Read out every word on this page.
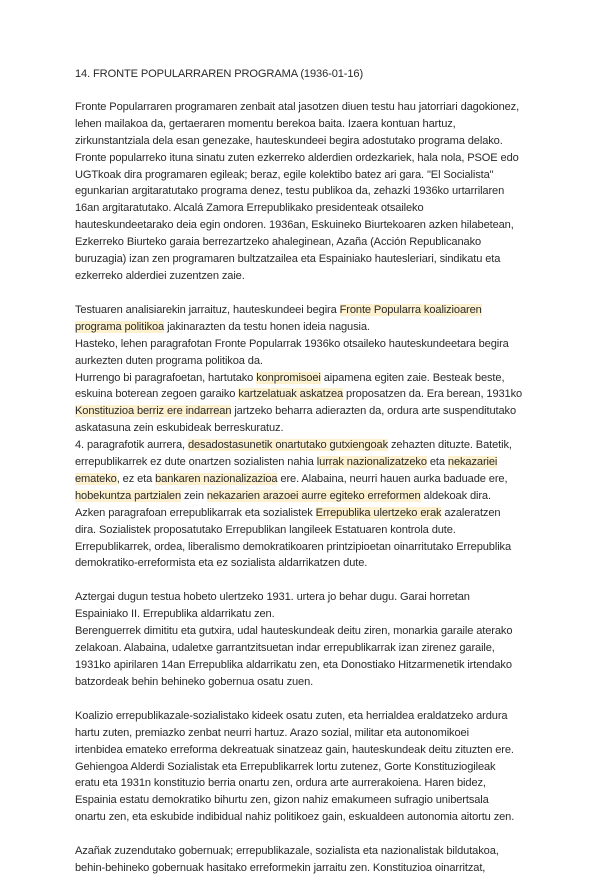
14. FRONTE POPULARRAREN PROGRAMA (1936-01-16)
Fronte Popularraren programaren zenbait atal jasotzen diuen testu hau jatorriari dagokionez,
lehen mailakoa da, gertaeraren momentu berekoa baita. Izaera kontuan hartuz,
zirkunstantziala dela esan genezake, hauteskundeei begira adostutako programa delako.
Fronte popularreko ituna sinatu zuten ezkerreko alderdien ordezkariek, hala nola, PSOE edo
UGTkoak dira programaren egileak; beraz, egile kolektibo batez ari gara. "El Socialista"
egunkarian argitaratutako programa denez, testu publikoa da, zehazki 1936ko urtarrilaren
16an argitaratutako. Alcalá Zamora Errepublikako presidenteak otsaileko
hauteskundeetarako deia egin ondoren. 1936an, Eskuineko Biurtekoaren azken hilabetean,
Ezkerreko Biurteko garaia berrezartzeko ahaleginean, Azaña (Acción Republicanako
buruzagia) izan zen programaren bultzatzailea eta Espainiako hautesleriari, sindikatu eta
ezkerreko alderdiei zuzentzen zaie.
Testuaren analisiarekin jarraituz, hauteskundeei begira Fronte Popularra koalizioaren
programa politikoa jakinarazten da testu honen ideia nagusia.
Hasteko, lehen paragrafotan Fronte Popularrak 1936ko otsaileko hauteskundeetara begira
aurkezten duten programa politikoa da.
Hurrengo bi paragrafoetan, hartutako konpromisoei aipamena egiten zaie. Besteak beste,
eskuina boterean zegoen garaiko kartzelatuak askatzea proposatzen da. Era berean, 1931ko
Konstituzioa berriz ere indarrean jartzeko beharra adierazten da, ordura arte suspenditutako
askatasuna zein eskubideak berreskuratuz.
4. paragrafotik aurrera, desadostasunetik onartutako gutxiengoak zehazten dituzte. Batetik,
errepublikarrek ez dute onartzen sozialisten nahia lurrak nazionalizatzeko eta nekazariei
emateko, ez eta bankaren nazionalizazioa ere. Alabaina, neurri hauen aurka baduade ere,
hobekuntza partzialen zein nekazarien arazoei aurre egiteko erreformen aldekoak dira.
Azken paragrafoan errepublikarrak eta sozialistek Errepublika ulertzeko erak azaleratzen
dira. Sozialistek proposatutako Errepublikan langileek Estatuaren kontrola dute.
Errepublikarrek, ordea, liberalismo demokratikoaren printzipioetan oinarritutako Errepublika
demokratiko-erreformista eta ez sozialista aldarrikatzen dute.
Aztergai dugun testua hobeto ulertzeko 1931. urtera jo behar dugu. Garai horretan
Espainiako II. Errepublika aldarrikatu zen.
Berenguerrek dimititu eta gutxira, udal hauteskundeak deitu ziren, monarkia garaile aterako
zelakoan. Alabaina, udaletxe garrantzitsuetan indar errepublikarrak izan zirenez garaile,
1931ko apirilaren 14an Errepublika aldarrikatu zen, eta Donostiako Hitzarmenetik irtendako
batzordeak behin behineko gobernua osatu zuen.
Koalizio errepublikazale-sozialistako kideek osatu zuten, eta herrialdea eraldatzeko ardura
hartu zuten, premiazko zenbat neurri hartuz. Arazo sozial, militar eta autonomikoei
irtenbidea emateko erreforma dekreatuak sinatzeaz gain, hauteskundeak deitu zituzten ere.
Gehiengoa Alderdi Sozialistak eta Errepublikarrek lortu zutenez, Gorte Konstituziogileak
eratu eta 1931n konstituzio berria onartu zen, ordura arte aurrerakoiena. Haren bidez,
Espainia estatu demokratiko bihurtu zen, gizon nahiz emakumeen sufragio unibertsala
onartu zen, eta eskubide indibidual nahiz politikoez gain, eskualdeen autonomia aitortu zen.
Azañak zuzendutako gobernuak; errepublikazale, sozialista eta nazionalistak bildutakoa,
behin-behineko gobernuak hasitako erreformekin jarraitu zen. Konstituzioa oinarritzat,
